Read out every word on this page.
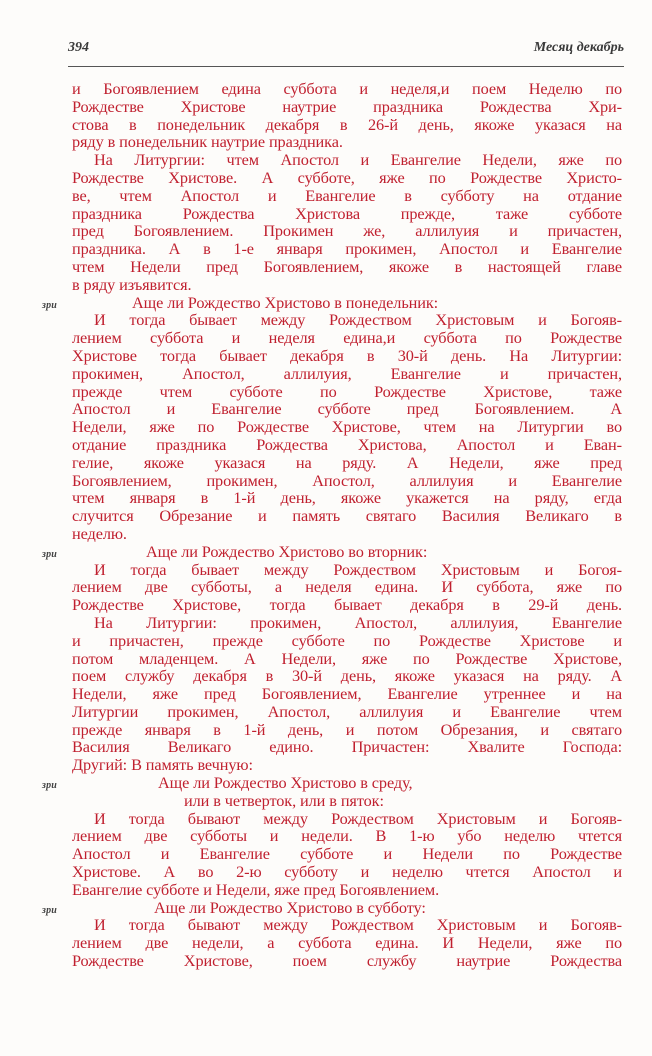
394	Месяц декабрь
и Богоявлением едина суббота и неделя,и поем Неделю по
Рождестве Христове наутрие праздника Рождества Хри-
стова в понедельник декабря в 26-й день, якоже указася на
ряду в понедельник наутрие праздника.
На Литургии: чтем Апостол и Евангелие Недели, яже по
Рождестве Христове. А субботе, яже по Рождестве Христо-
ве, чтем Апостол и Евангелие в субботу на отдание
праздника Рождества Христова прежде, таже субботе
пред Богоявлением. Прокимен же, аллилуия и причастен,
праздника. А в 1-е января прокимен, Апостол и Евангелие
чтем Недели пред Богоявлением, якоже в настоящей главе
в ряду изъявится.
зри	Аще ли Рождество Христово в понедельник:
И тогда бывает между Рождеством Христовым и Богояв-
лением суббота и неделя едина,и суббота по Рождестве
Христове тогда бывает декабря в 30-й день. На Литургии:
прокимен, Апостол, аллилуия, Евангелие и причастен,
прежде чтем субботе по Рождестве Христове, таже
Апостол и Евангелие субботе пред Богоявлением. А
Недели, яже по Рождестве Христове, чтем на Литургии во
отдание праздника Рождества Христова, Апостол и Еван-
гелие, якоже указася на ряду. А Недели, яже пред
Богоявлением, прокимен, Апостол, аллилуия и Евангелие
чтем января в 1-й день, якоже укажется на ряду, егда
случится Обрезание и память святаго Василия Великаго в
неделю.
зри	Аще ли Рождество Христово во вторник:
И тогда бывает между Рождеством Христовым и Богоя-
лением две субботы, а неделя едина. И суббота, яже по
Рождестве Христове, тогда бывает декабря в 29-й день.
На Литургии: прокимен, Апостол, аллилуия, Евангелие
и причастен, прежде субботе по Рождестве Христове и
потом младенцем. А Недели, яже по Рождестве Христове,
поем службу декабря в 30-й день, якоже указася на ряду. А
Недели, яже пред Богоявлением, Евангелие утреннее и на
Литургии прокимен, Апостол, аллилуия и Евангелие чтем
прежде января в 1-й день, и потом Обрезания, и святаго
Василия Великаго едино. Причастен: Хвалите Господа:
Другий: В память вечную:
зри	Аще ли Рождество Христово в среду,
или в четверток, или в пяток:
И тогда бывают между Рождеством Христовым и Богояв-
лением две субботы и недели. В 1-ю убо неделю чтется
Апостол и Евангелие субботе и Недели по Рождестве
Христове. А во 2-ю субботу и неделю чтется Апостол и
Евангелие субботе и Недели, яже пред Богоявлением.
зри	Аще ли Рождество Христово в субботу:
И тогда бывают между Рождеством Христовым и Богояв-
лением две недели, а суббота едина. И Недели, яже по
Рождестве Христове, поем службу наутрие Рождества
